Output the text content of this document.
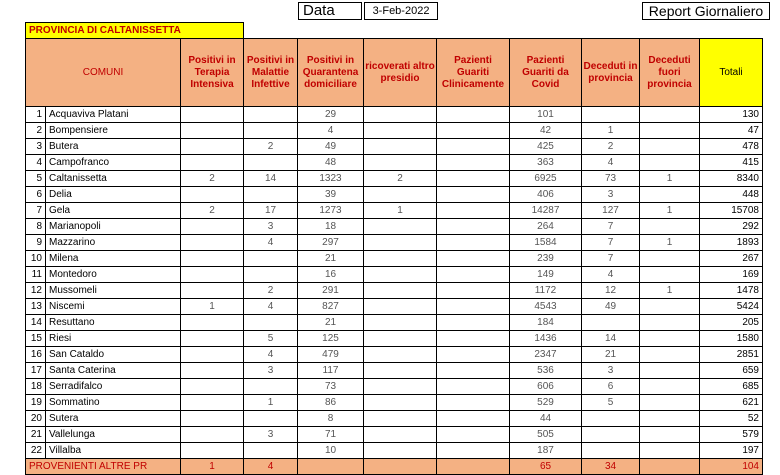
Data	3-Feb-2022	Report Giornaliero
PROVINCIA DI CALTANISSETTA										
COMUNI		Positivi in Terapia Intensiva	Positivi in Malattie Infettive	Positivi in Quarantena domiciliare	ricoverati altro presidio	Pazienti Guariti Clinicamente	Pazienti Guariti da Covid	Deceduti in provincia	Deceduti fuori provincia	Totali
1	Acquaviva Platani			29			101			130
2	Bompensiere			4			42	1		47
3	Butera		2	49			425	2		478
4	Campofranco			48			363	4		415
5	Caltanissetta	2	14	1323	2		6925	73	1	8340
6	Delia			39			406	3		448
7	Gela	2	17	1273	1		14287	127	1	15708
8	Marianopoli		3	18			264	7		292
9	Mazzarino		4	297			1584	7	1	1893
10	Milena			21			239	7		267
11	Montedoro			16			149	4		169
12	Mussomeli		2	291			1172	12	1	1478
13	Niscemi	1	4	827			4543	49		5424
14	Resuttano			21			184			205
15	Riesi		5	125			1436	14		1580
16	San Cataldo		4	479			2347	21		2851
17	Santa Caterina		3	117			536	3		659
18	Serradifalco			73			606	6		685
19	Sommatino		1	86			529	5		621
20	Sutera			8			44			52
21	Vallelunga		3	71			505			579
22	Villalba			10			187			197
PROVENIENTI ALTRE PR		1	4				65	34		104
